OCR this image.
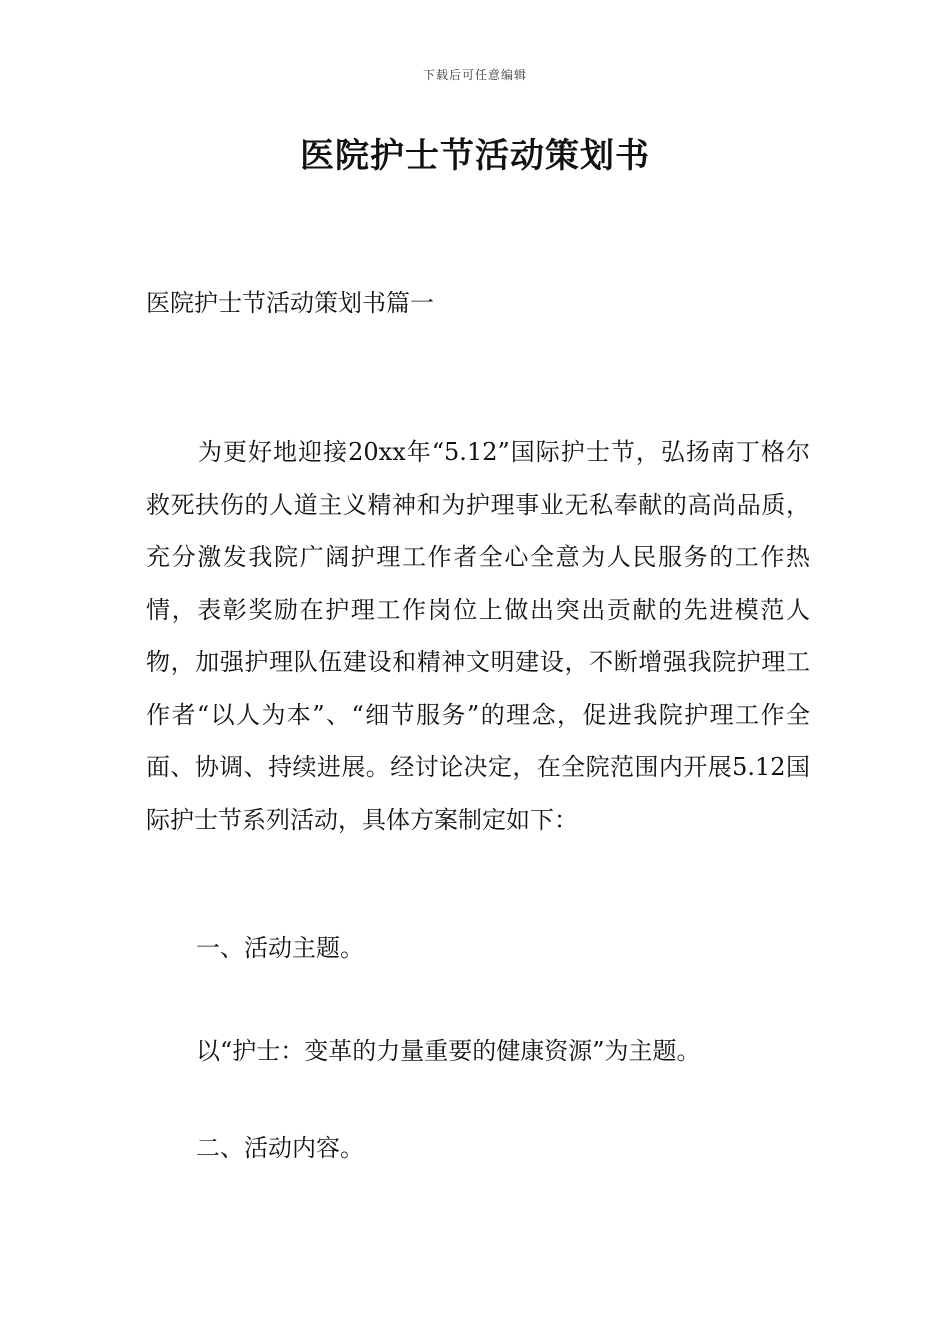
下载后可任意编辑
医院护士节活动策划书
医院护士节活动策划书篇一
为更好地迎接20xx年“5.12”国际护士节，弘扬南丁格尔救死扶伤的人道主义精神和为护理事业无私奉献的高尚品质，充分激发我院广阔护理工作者全心全意为人民服务的工作热情，表彰奖励在护理工作岗位上做出突出贡献的先进模范人物，加强护理队伍建设和精神文明建设，不断增强我院护理工作者“以人为本”、“细节服务”的理念，促进我院护理工作全面、协调、持续进展。经讨论决定，在全院范围内开展5.12国际护士节系列活动，具体方案制定如下：
一、活动主题。
以“护士：变革的力量重要的健康资源”为主题。
二、活动内容。
